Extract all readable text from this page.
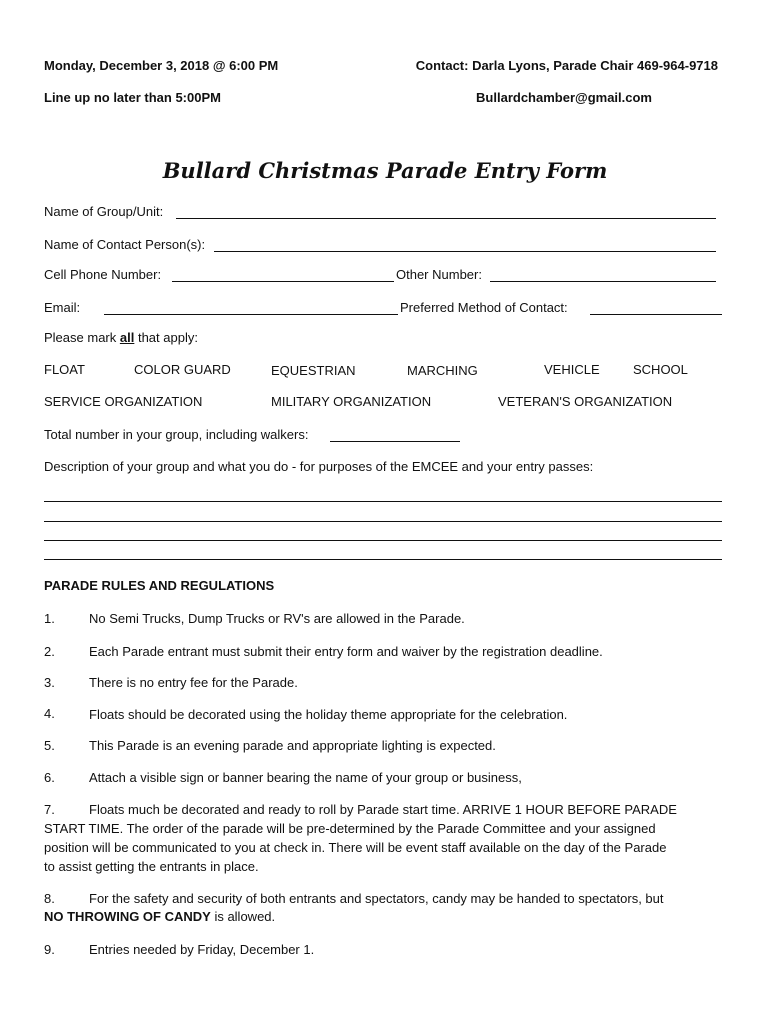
Monday, December 3, 2018 @ 6:00 PM	Contact: Darla Lyons, Parade Chair 469-964-9718
Line up no later than 5:00PM	Bullardchamber@gmail.com
Bullard Christmas Parade Entry Form
Name of Group/Unit:
Name of Contact Person(s):
Cell Phone Number:	Other Number:
Email:	Preferred Method of Contact:
Please mark all that apply:
FLOAT	COLOR GUARD	EQUESTRIAN	MARCHING	VEHICLE	SCHOOL
SERVICE ORGANIZATION	MILITARY ORGANIZATION	VETERAN'S ORGANIZATION
Total number in your group, including walkers:
Description of your group and what you do - for purposes of the EMCEE and your entry passes:
PARADE RULES AND REGULATIONS
1.	No Semi Trucks, Dump Trucks or RV's are allowed in the Parade.
2.	Each Parade entrant must submit their entry form and waiver by the registration deadline.
3.	There is no entry fee for the Parade.
4.	Floats should be decorated using the holiday theme appropriate for the celebration.
5.	This Parade is an evening parade and appropriate lighting is expected.
6.	Attach a visible sign or banner bearing the name of your group or business,
7.	Floats much be decorated and ready to roll by Parade start time. ARRIVE 1 HOUR BEFORE PARADE
START TIME. The order of the parade will be pre-determined by the Parade Committee and your assigned
position will be communicated to you at check in. There will be event staff available on the day of the Parade
to assist getting the entrants in place.
8.	For the safety and security of both entrants and spectators, candy may be handed to spectators, but
NO THROWING OF CANDY is allowed.
9.	Entries needed by Friday, December 1.
